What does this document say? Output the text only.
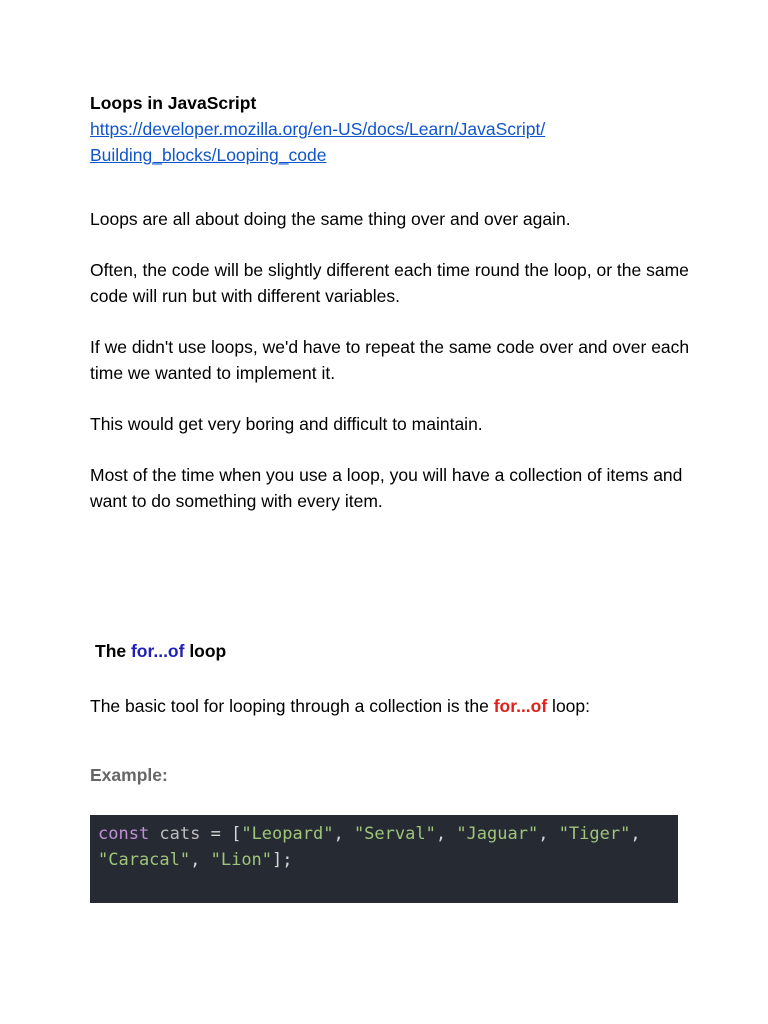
Loops in JavaScript

https://developer.mozilla.org/en-US/docs/Learn/JavaScript/
Building_blocks/Looping_code

Loops are all about doing the same thing over and over again.

Often, the code will be slightly different each time round the loop, or the same code will run but with different variables.

If we didn't use loops, we'd have to repeat the same code over and over each time we wanted to implement it.

This would get very boring and difficult to maintain.

Most of the time when you use a loop, you will have a collection of items and want to do something with every item.

The for...of loop

The basic tool for looping through a collection is the for...of loop:

Example:

const cats = ["Leopard", "Serval", "Jaguar", "Tiger", "Caracal", "Lion"];
